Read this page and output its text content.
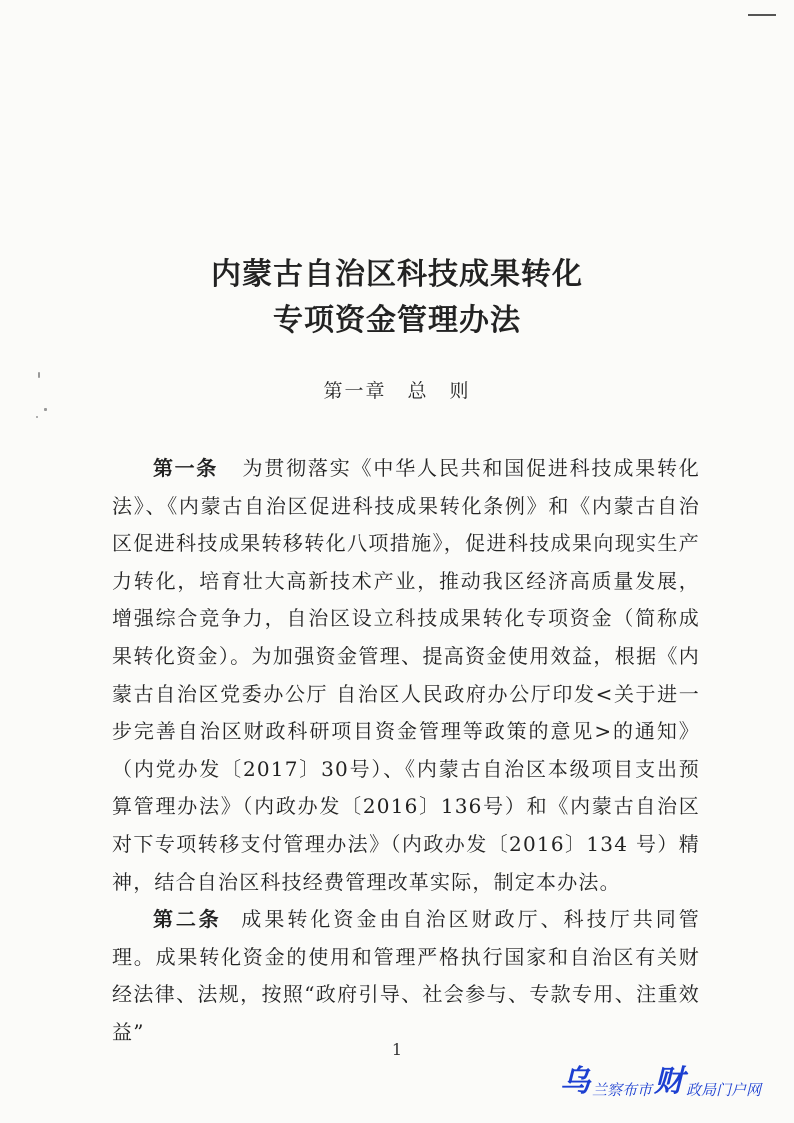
内蒙古自治区科技成果转化
专项资金管理办法
第一章　总　则

第一条 为贯彻落实《中华人民共和国促进科技成果转化法》、《内蒙古自治区促进科技成果转化条例》和《内蒙古自治区促进科技成果转移转化八项措施》，促进科技成果向现实生产力转化，培育壮大高新技术产业，推动我区经济高质量发展，增强综合竞争力，自治区设立科技成果转化专项资金（简称成果转化资金）。为加强资金管理、提高资金使用效益，根据《内蒙古自治区党委办公厅 自治区人民政府办公厅印发<关于进一步完善自治区财政科研项目资金管理等政策的意见>的通知》（内党办发〔2017〕30号）、《内蒙古自治区本级项目支出预算管理办法》（内政办发〔2016〕136号）和《内蒙古自治区对下专项转移支付管理办法》（内政办发〔2016〕134 号）精神，结合自治区科技经费管理改革实际，制定本办法。

第二条 成果转化资金由自治区财政厅、科技厅共同管理。成果转化资金的使用和管理严格执行国家和自治区有关财经法律、法规，按照“政府引导、社会参与、专款专用、注重效益”

1
乌 兰察布市 财 政局门户网
